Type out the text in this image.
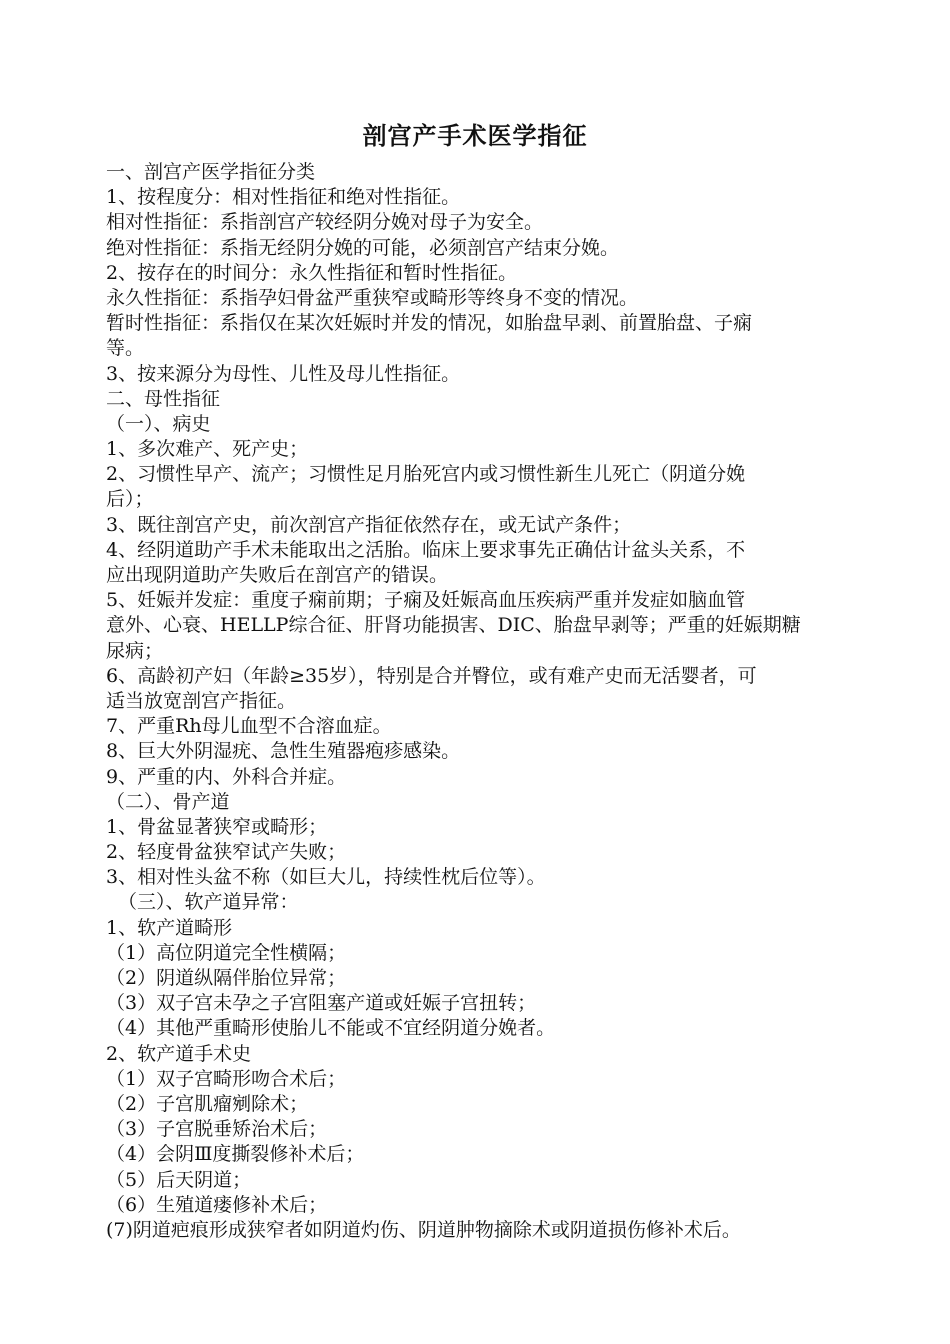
剖宫产手术医学指征
一、剖宫产医学指征分类
1、按程度分：相对性指征和绝对性指征。
相对性指征：系指剖宫产较经阴分娩对母子为安全。
绝对性指征：系指无经阴分娩的可能，必须剖宫产结束分娩。
2、按存在的时间分：永久性指征和暂时性指征。
永久性指征：系指孕妇骨盆严重狭窄或畸形等终身不变的情况。
暂时性指征：系指仅在某次妊娠时并发的情况，如胎盘早剥、前置胎盘、子痫
等。
3、按来源分为母性、儿性及母儿性指征。
二、母性指征
（一）、病史
1、多次难产、死产史；
2、习惯性早产、流产；习惯性足月胎死宫内或习惯性新生儿死亡（阴道分娩
后）；
3、既往剖宫产史，前次剖宫产指征依然存在，或无试产条件；
4、经阴道助产手术未能取出之活胎。临床上要求事先正确估计盆头关系，不
应出现阴道助产失败后在剖宫产的错误。
5、妊娠并发症：重度子痫前期；子痫及妊娠高血压疾病严重并发症如脑血管
意外、心衰、HELLP综合征、肝肾功能损害、DIC、胎盘早剥等；严重的妊娠期糖
尿病；
6、高龄初产妇（年龄≥35岁），特别是合并臀位，或有难产史而无活婴者，可
适当放宽剖宫产指征。
7、严重Rh母儿血型不合溶血症。
8、巨大外阴湿疣、急性生殖器疱疹感染。
9、严重的内、外科合并症。
（二）、骨产道
1、骨盆显著狭窄或畸形；
2、轻度骨盆狭窄试产失败；
3、相对性头盆不称（如巨大儿，持续性枕后位等）。
（三）、软产道异常：
1、软产道畸形
（1）高位阴道完全性横隔；
（2）阴道纵隔伴胎位异常；
（3）双子宫未孕之子宫阻塞产道或妊娠子宫扭转；
（4）其他严重畸形使胎儿不能或不宜经阴道分娩者。
2、软产道手术史
（1）双子宫畸形吻合术后；
（2）子宫肌瘤剜除术；
（3）子宫脱垂矫治术后；
（4）会阴Ⅲ度撕裂修补术后；
（5）后天阴道；
（6）生殖道瘘修补术后；
(7)阴道疤痕形成狭窄者如阴道灼伤、阴道肿物摘除术或阴道损伤修补术后。
